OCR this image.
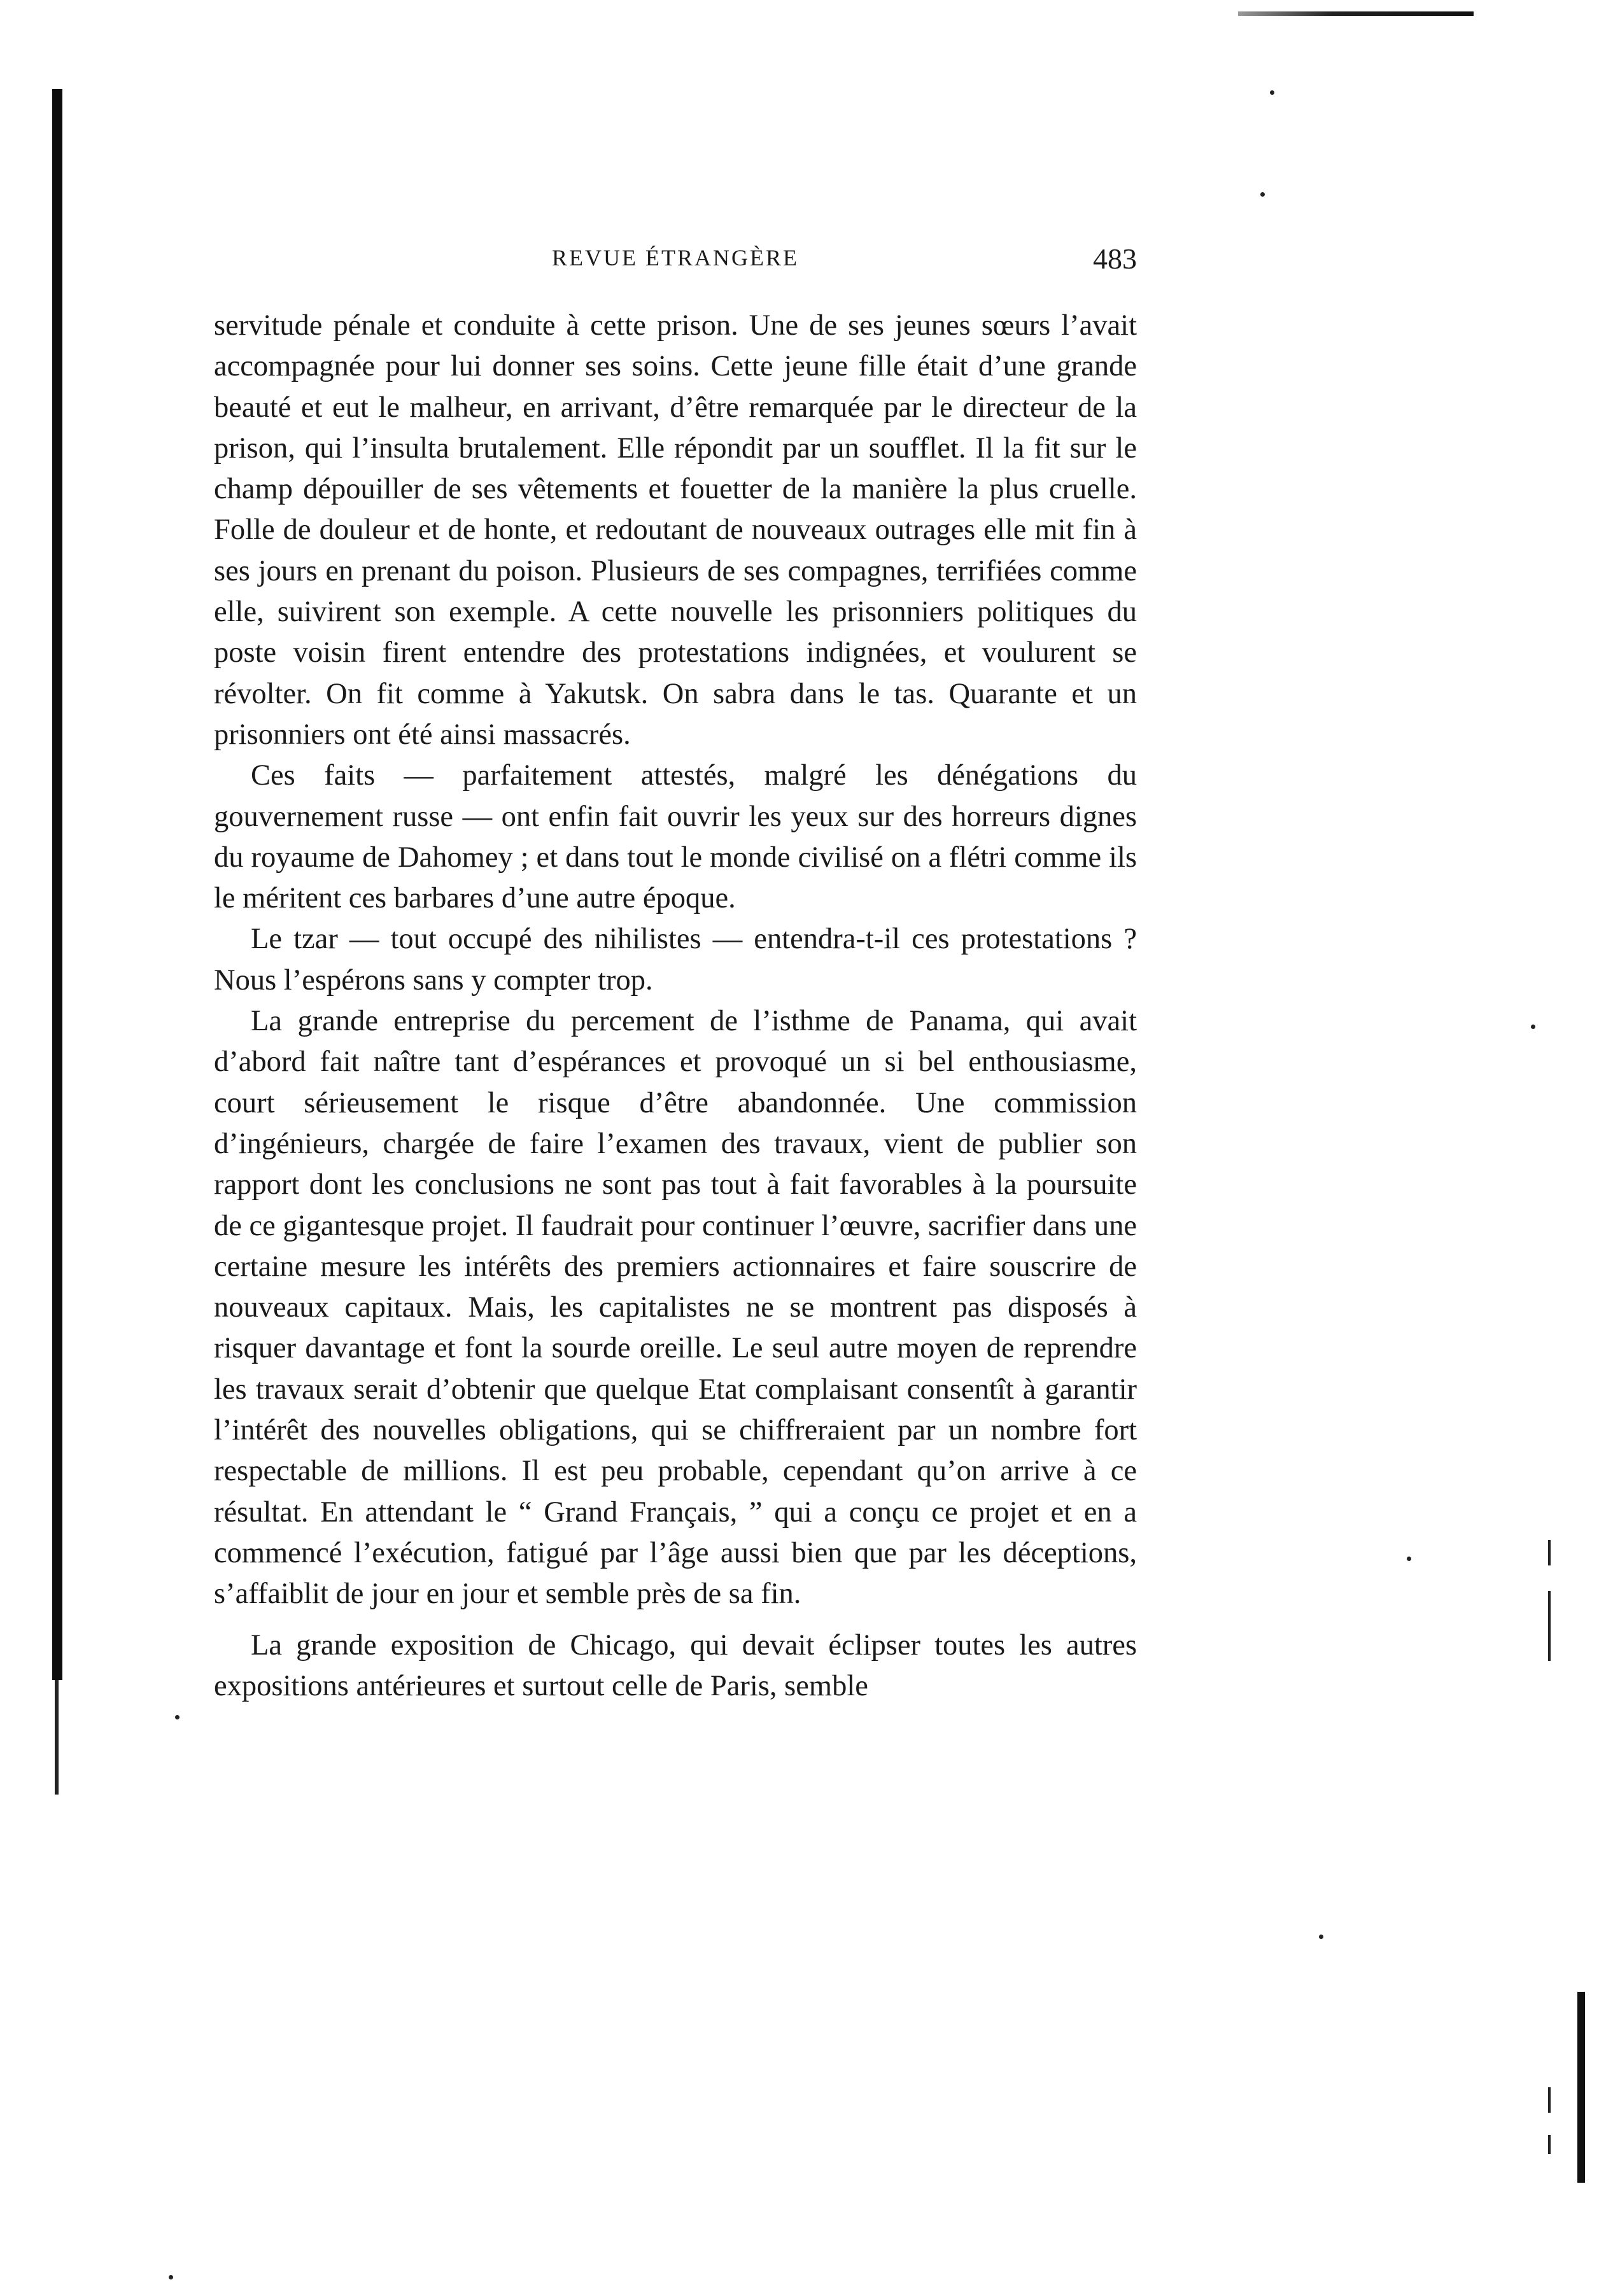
REVUE ÉTRANGÈRE	483

servitude pénale et conduite à cette prison. Une de ses jeunes sœurs l’avait accompagnée pour lui donner ses soins. Cette jeune fille était d’une grande beauté et eut le malheur, en arrivant, d’être remarquée par le directeur de la prison, qui l’insulta brutalement. Elle répondit par un soufflet. Il la fit sur le champ dépouiller de ses vêtements et fouetter de la manière la plus cruelle. Folle de douleur et de honte, et redoutant de nouveaux outrages elle mit fin à ses jours en prenant du poison. Plusieurs de ses compagnes, terrifiées comme elle, suivirent son exemple. A cette nouvelle les prisonniers politiques du poste voisin firent entendre des protestations indignées, et voulurent se révolter. On fit comme à Yakutsk. On sabra dans le tas. Quarante et un prisonniers ont été ainsi massacrés.

Ces faits — parfaitement attestés, malgré les dénégations du gouvernement russe — ont enfin fait ouvrir les yeux sur des horreurs dignes du royaume de Dahomey ; et dans tout le monde civilisé on a flétri comme ils le méritent ces barbares d’une autre époque.

Le tzar — tout occupé des nihilistes — entendra-t-il ces protestations ? Nous l’espérons sans y compter trop.

La grande entreprise du percement de l’isthme de Panama, qui avait d’abord fait naître tant d’espérances et provoqué un si bel enthousiasme, court sérieusement le risque d’être abandonnée. Une commission d’ingénieurs, chargée de faire l’examen des travaux, vient de publier son rapport dont les conclusions ne sont pas tout à fait favorables à la poursuite de ce gigantesque projet. Il faudrait pour continuer l’œuvre, sacrifier dans une certaine mesure les intérêts des premiers actionnaires et faire souscrire de nouveaux capitaux. Mais, les capitalistes ne se montrent pas disposés à risquer davantage et font la sourde oreille. Le seul autre moyen de reprendre les travaux serait d’obtenir que quelque Etat complaisant consentît à garantir l’intérêt des nouvelles obligations, qui se chiffreraient par un nombre fort respectable de millions. Il est peu probable, cependant qu’on arrive à ce résultat. En attendant le “ Grand Français, ” qui a conçu ce projet et en a commencé l’exécution, fatigué par l’âge aussi bien que par les déceptions, s’affaiblit de jour en jour et semble près de sa fin.

La grande exposition de Chicago, qui devait éclipser toutes les autres expositions antérieures et surtout celle de Paris, semble
